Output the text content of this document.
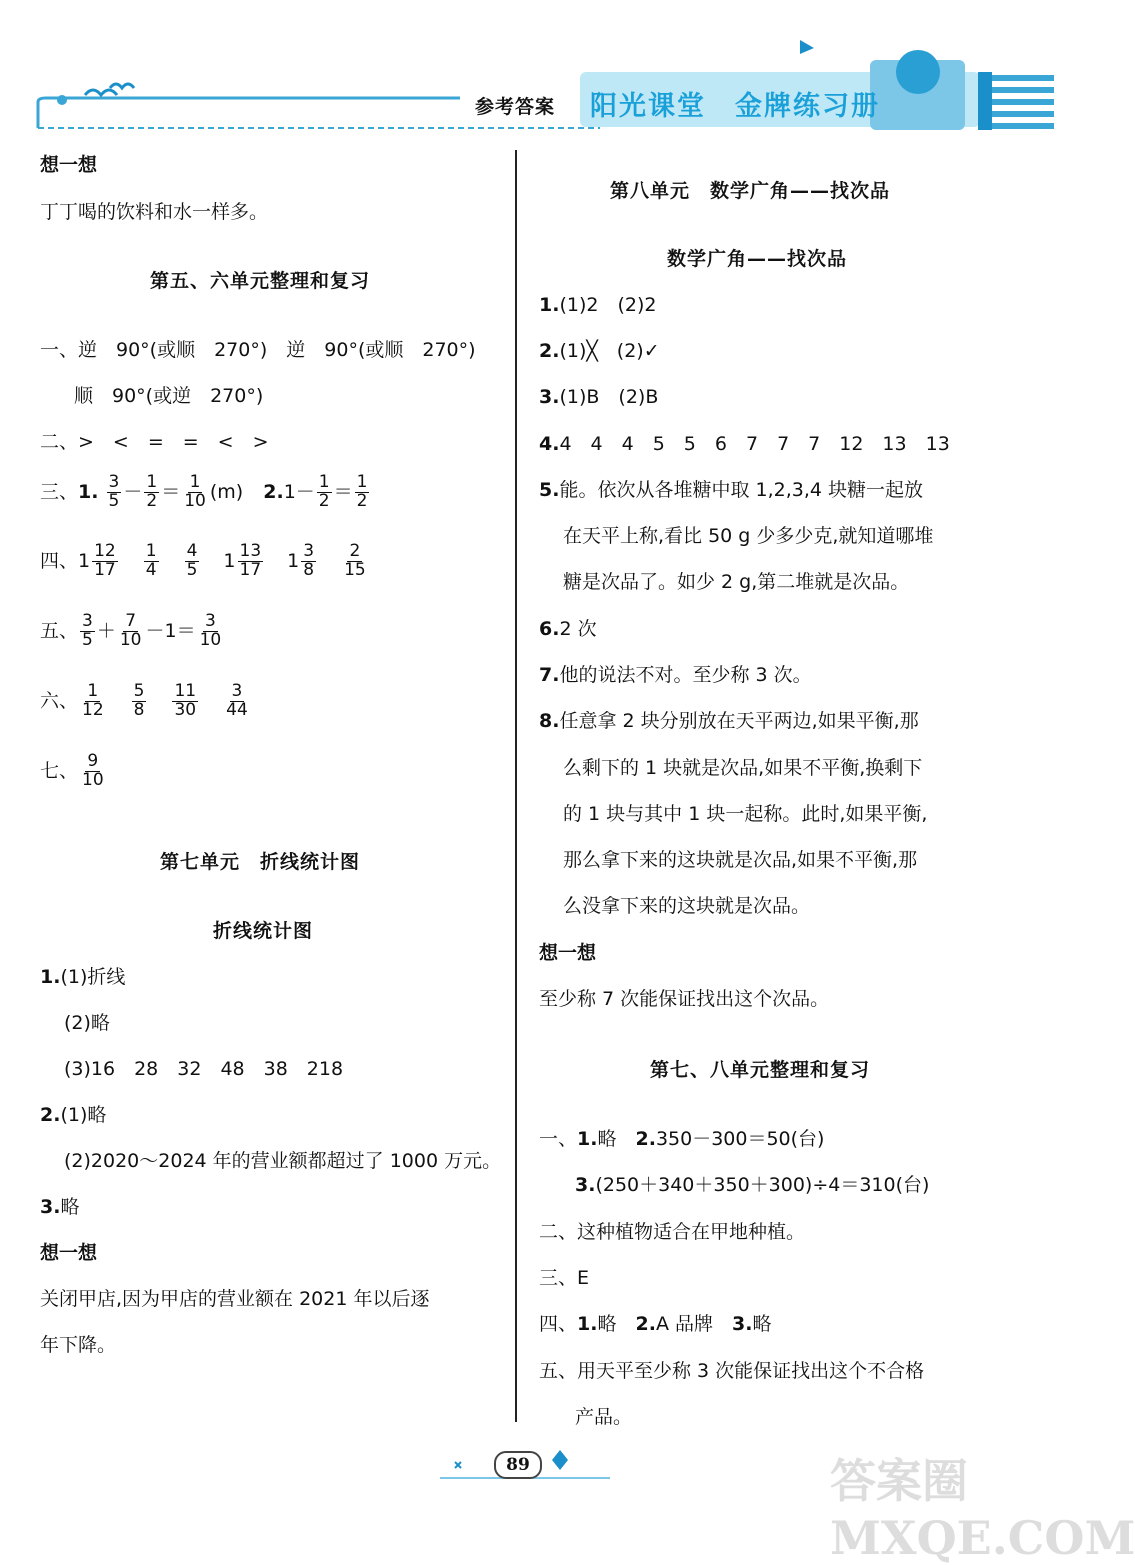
参考答案 阳光课堂　金牌练习册
想一想
丁丁喝的饮料和水一样多。
第五、六单元整理和复习
一、逆　90°(或顺　270°)　逆　90°(或顺　270°)
顺　90°(或逆　270°)
二、>　<　=　=　<　>
三、1. $\frac{3}{5} - \frac{1}{2} = \frac{1}{10} (m)$ $2.1- \frac{1}{2} = \frac{1}{2}$
四、$1 \frac{12}{17} \frac{1}{4} \frac{4}{5} 1 \frac{13}{17} 1 \frac{3}{8} \frac{2}{15}$
五、 $\frac{3}{5} + \frac{7}{10} -1= \frac{3}{10}$
六、 $\frac{1}{12} \frac{5}{8} \frac{11}{30} \frac{3}{44}$
七、 $\frac{9}{10}$
第七单元　折线统计图
折线统计图
1.(1)折线
(2)略
(3)16　28　32　48　38　218
2.(1)略
(2)2020～2024 年的营业额都超过了 1000 万元。
3.略
想一想
关闭甲店,因为甲店的营业额在 2021 年以后逐
年下降。
第八单元　数学广角——找次品
数学广角——找次品
1.(1)2　(2)2
2.(1)╳　(2)✓
3.(1)B　(2)B
4.4　4　4　5　5　6　7　7　7　12　13　13
5.能。依次从各堆糖中取 1,2,3,4 块糖一起放
在天平上称,看比 50 g 少多少克,就知道哪堆
糖是次品了。如少 2 g,第二堆就是次品。
6.2 次
7.他的说法不对。至少称 3 次。
8.任意拿 2 块分别放在天平两边,如果平衡,那
么剩下的 1 块就是次品,如果不平衡,换剩下
的 1 块与其中 1 块一起称。此时,如果平衡,
那么拿下来的这块就是次品,如果不平衡,那
么没拿下来的这块就是次品。
想一想
至少称 7 次能保证找出这个次品。
第七、八单元整理和复习
一、1.略　2.350－300＝50(台)
3.(250＋340＋350＋300)÷4＝310(台)
二、这种植物适合在甲地种植。
三、E
四、1.略　2.A 品牌　3.略
五、用天平至少称 3 次能保证找出这个不合格
产品。
89	答案圈 MXQE.COM
